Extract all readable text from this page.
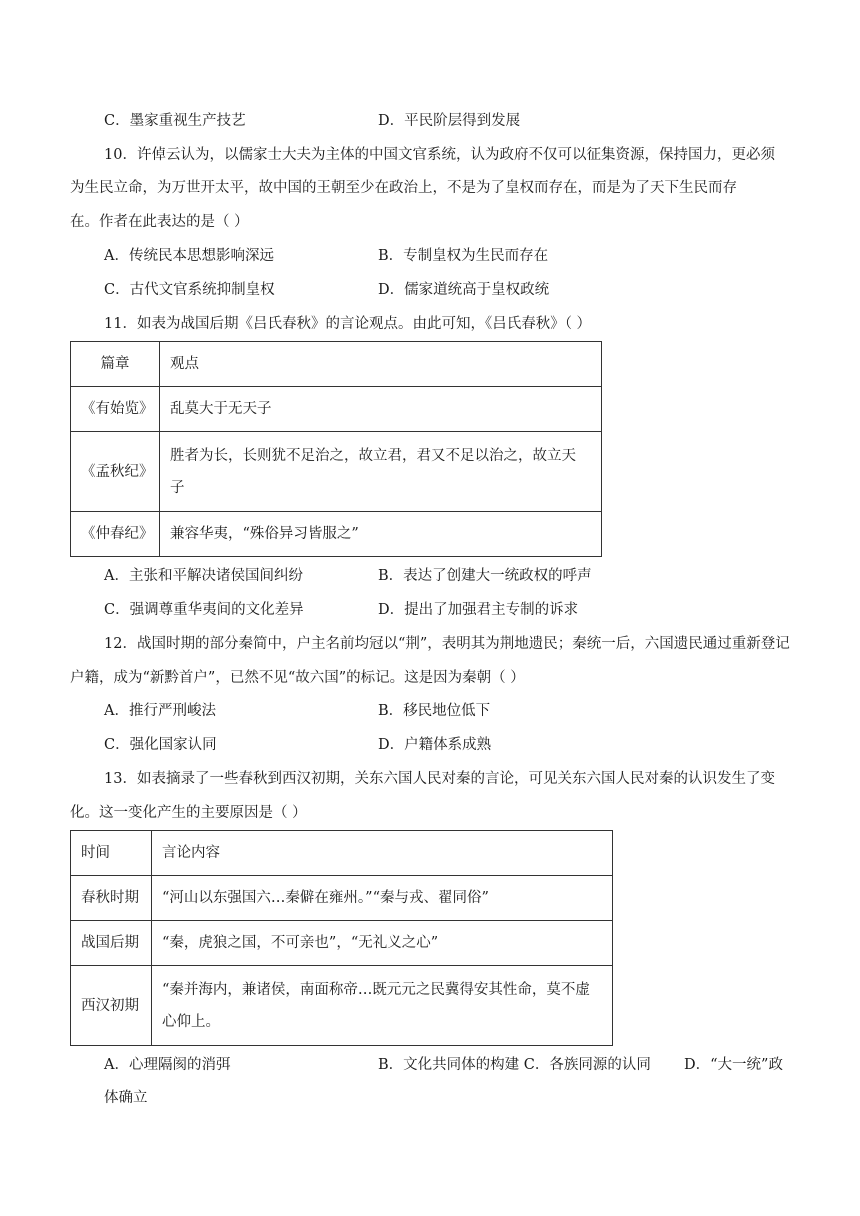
C．墨家重视生产技艺	D．平民阶层得到发展
10．许倬云认为，以儒家士大夫为主体的中国文官系统，认为政府不仅可以征集资源，保持国力，更必须
为生民立命，为万世开太平，故中国的王朝至少在政治上，不是为了皇权而存在，而是为了天下生民而存
在。作者在此表达的是（ ）
A．传统民本思想影响深远	B．专制皇权为生民而存在
C．古代文官系统抑制皇权	D．儒家道统高于皇权政统
11．如表为战国后期《吕氏春秋》的言论观点。由此可知，《吕氏春秋》（ ）
篇章	观点
《有始览》	乱莫大于无天子
《孟秋纪》	胜者为长，长则犹不足治之，故立君，君又不足以治之，故立天
子

《仲春纪》	兼容华夷，“殊俗异习皆服之”
A．主张和平解决诸侯国间纠纷	B．表达了创建大一统政权的呼声
C．强调尊重华夷间的文化差异	D．提出了加强君主专制的诉求
12．战国时期的部分秦简中，户主名前均冠以“荆”，表明其为荆地遗民；秦统一后，六国遗民通过重新登记
户籍，成为“新黔首户”，已然不见“故六国”的标记。这是因为秦朝（ ）
A．推行严刑峻法	B．移民地位低下
C．强化国家认同	D．户籍体系成熟
13．如表摘录了一些春秋到西汉初期，关东六国人民对秦的言论，可见关东六国人民对秦的认识发生了变
化。这一变化产生的主要原因是（ ）
时间	言论内容
春秋时期	“河山以东强国六…秦僻在雍州。”“秦与戎、翟同俗”
战国后期	“秦，虎狼之国，不可亲也”，“无礼义之心”
西汉初期	“秦并海内，兼诸侯，南面称帝…既元元之民冀得安其性命，莫不虚
心仰上。
A．心理隔阂的消弭	B．文化共同体的构建 C．各族同源的认同 D．“大一统”政
体确立
